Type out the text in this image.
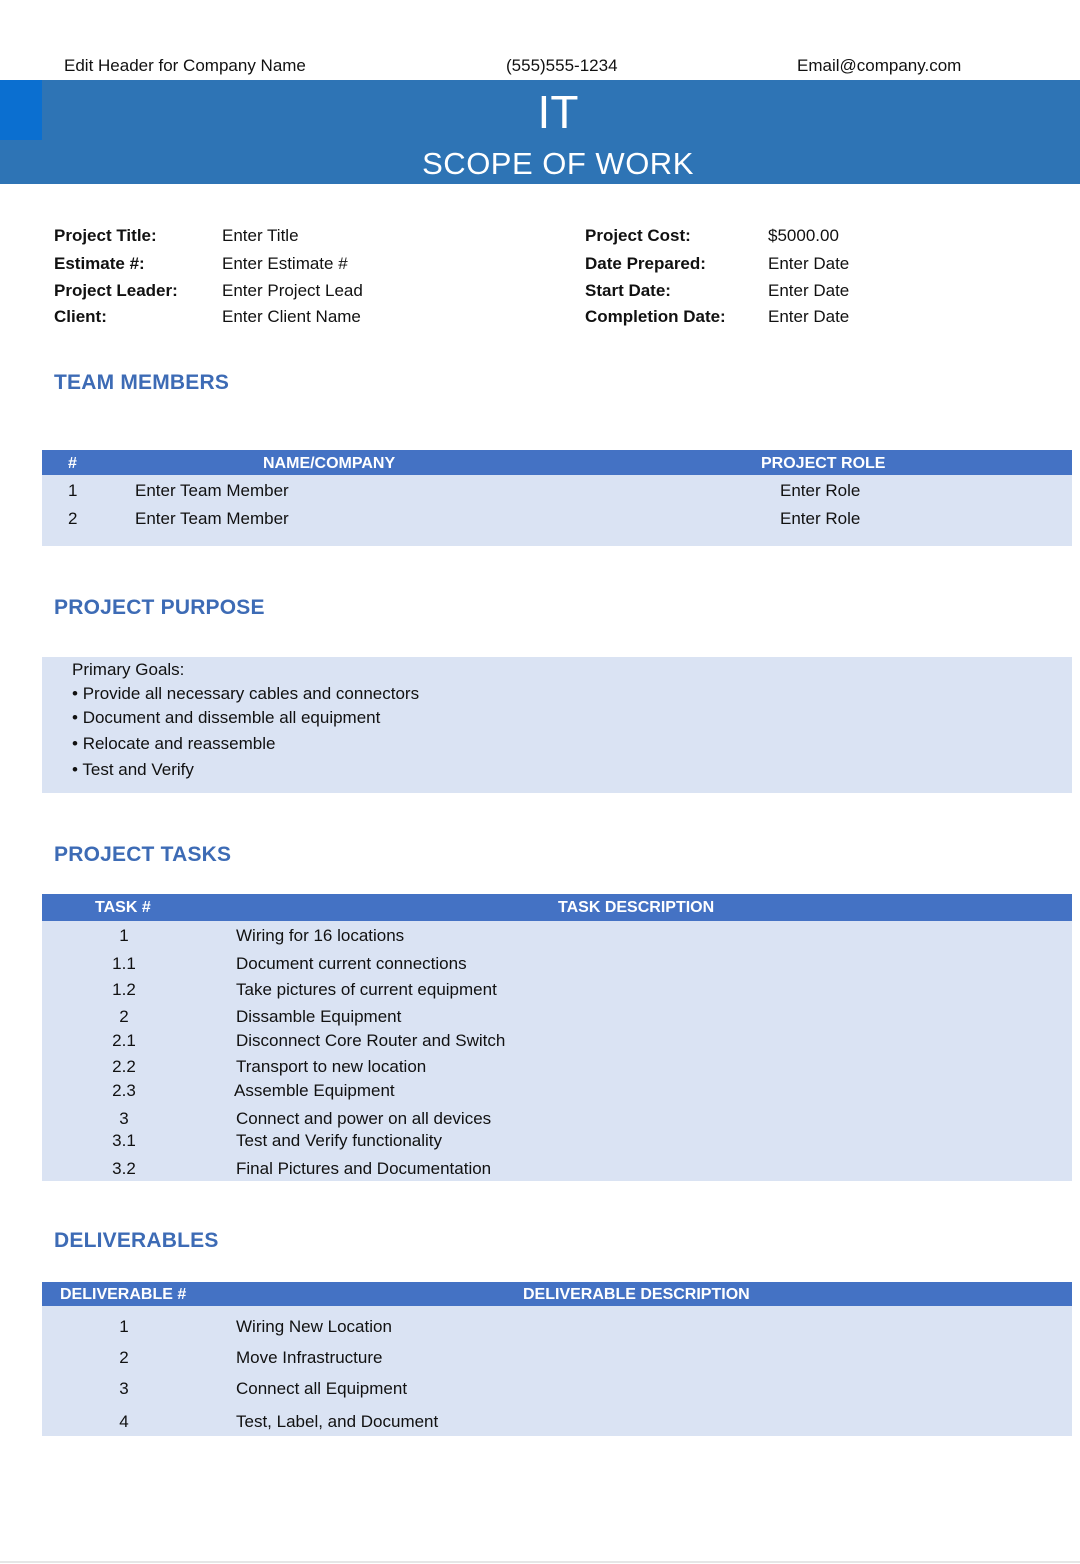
Edit Header for Company Name	(555)555-1234	Email@company.com
IT
SCOPE OF WORK
Project Title:	Enter Title
Estimate #:	Enter Estimate #
Project Leader:	Enter Project Lead
Client:	Enter Client Name
Project Cost:	$5000.00
Date Prepared:	Enter Date
Start Date:	Enter Date
Completion Date: Enter Date
TEAM MEMBERS
#	NAME/COMPANY	PROJECT ROLE
1	Enter Team Member	Enter Role
2	Enter Team Member	Enter Role
PROJECT PURPOSE
Primary Goals:
• Provide all necessary cables and connectors
• Document and dissemble all equipment
• Relocate and reassemble
• Test and Verify
PROJECT TASKS
TASK #	TASK DESCRIPTION
1	Wiring for 16 locations
1.1	Document current connections
1.2	Take pictures of current equipment
2	Dissamble Equipment
2.1	Disconnect Core Router and Switch
2.2	Transport to new location
2.3	Assemble Equipment
3	Connect and power on all devices
3.1	Test and Verify functionality
3.2	Final Pictures and Documentation
DELIVERABLES
DELIVERABLE #	DELIVERABLE DESCRIPTION
1	Wiring New Location
2	Move Infrastructure
3	Connect all Equipment
4	Test, Label, and Document
